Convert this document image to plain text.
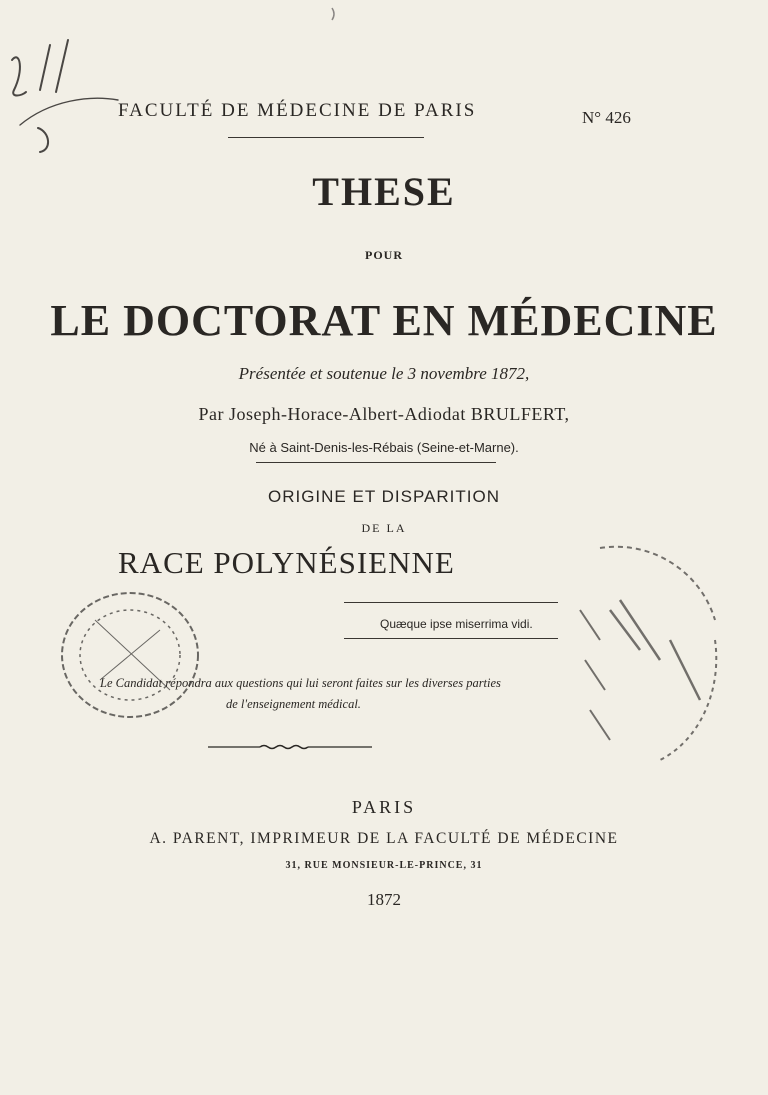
FACULTÉ DE MÉDECINE DE PARIS	N° 426
THESE
POUR
LE DOCTORAT EN MÉDECINE
Présentée et soutenue le 3 novembre 1872,
Par Joseph-Horace-Albert-Adiodat BRULFERT,
Né à Saint-Denis-les-Rébais (Seine-et-Marne).
ORIGINE ET DISPARITION
DE LA
RACE POLYNÉSIENNE
Quæque ipse miserrima vidi.
Le Candidat répondra aux questions qui lui seront faites sur les diverses parties
de l'enseignement médical.
PARIS
A. PARENT, IMPRIMEUR DE LA FACULTÉ DE MÉDECINE
31, RUE MONSIEUR-LE-PRINCE, 31
1872
